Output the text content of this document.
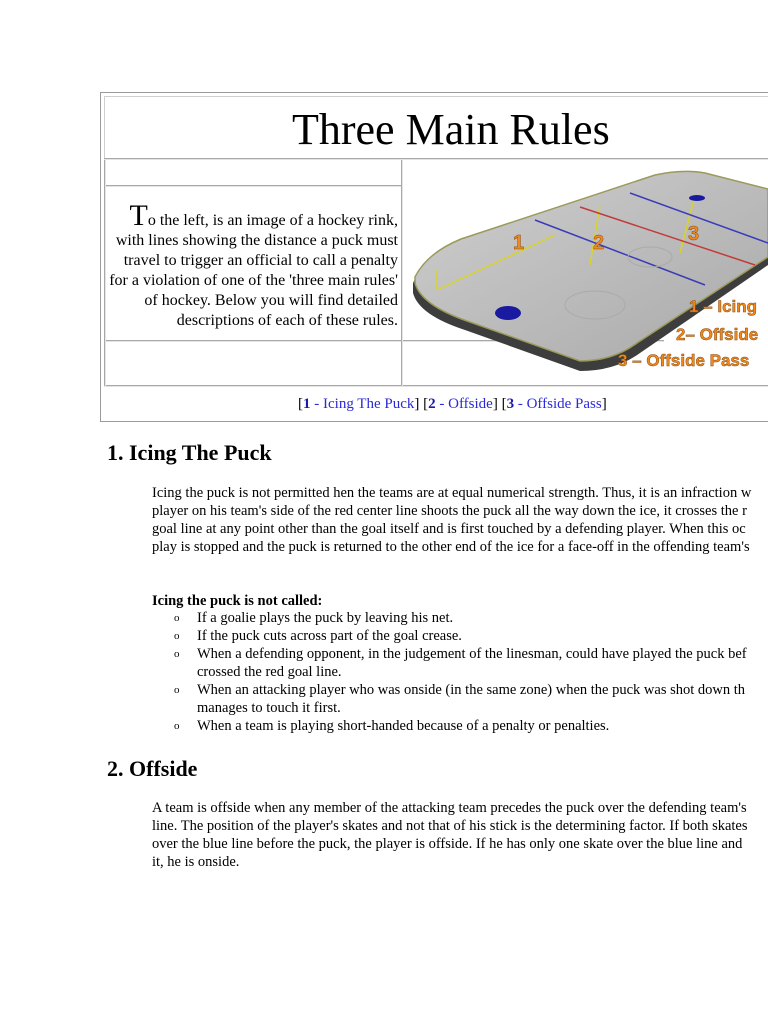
Three Main Rules
To the left, is an image of a hockey rink, with lines showing the distance a puck must travel to trigger an official to call a penalty for a violation of one of the 'three main rules' of hockey. Below you will find detailed descriptions of each of these rules.
1	2	3
1 – Icing
2– Offside
3 – Offside Pass
[1 - Icing The Puck] [2 - Offside] [3 - Offside Pass]
1. Icing The Puck

Icing the puck is not permitted hen the teams are at equal numerical strength. Thus, it is an infraction w

player on his team's side of the red center line shoots the puck all the way down the ice, it crosses the r

goal line at any point other than the goal itself and is first touched by a defending player. When this oc

play is stopped and the puck is returned to the other end of the ice for a face-off in the offending team's

Icing the puck is not called:

o If a goalie plays the puck by leaving his net.
o If the puck cuts across part of the goal crease.
o When a defending opponent, in the judgement of the linesman, could have played the puck bef
crossed the red goal line.
o When an attacking player who was onside (in the same zone) when the puck was shot down th
manages to touch it first.
o When a team is playing short-handed because of a penalty or penalties.
2. Offside

A team is offside when any member of the attacking team precedes the puck over the defending team's

line. The position of the player's skates and not that of his stick is the determining factor. If both skates

over the blue line before the puck, the player is offside. If he has only one skate over the blue line and

it, he is onside.
